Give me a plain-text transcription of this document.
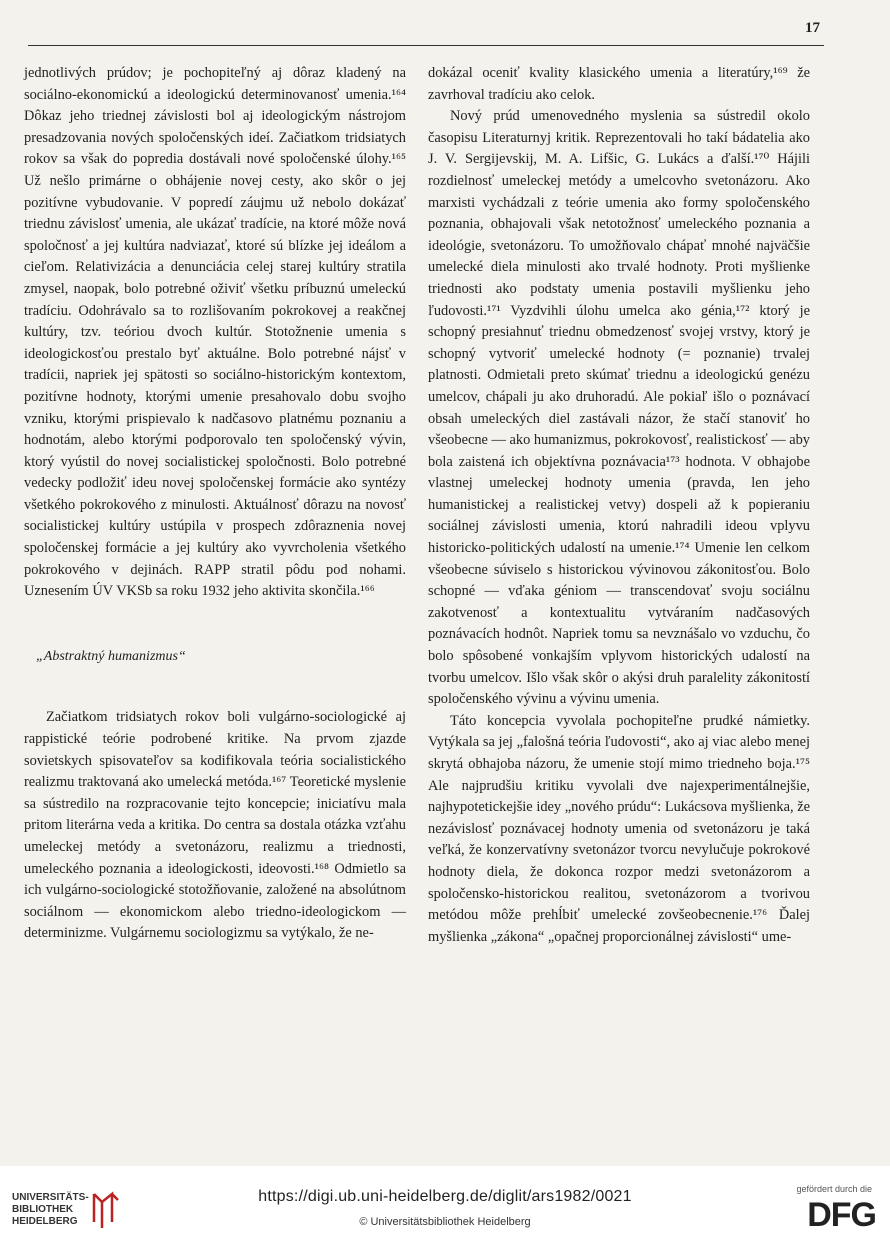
17

jednotlivých prúdov; je pochopiteľný aj dôraz kladený na sociálno-ekonomickú a ideologickú determinovanosť umenia.¹⁶⁴ Dôkaz jeho triednej závislosti bol aj ideologickým nástrojom presadzovania nových spoločenských ideí. Začiatkom tridsiatych rokov sa však do popredia dostávali nové spoločenské úlohy.¹⁶⁵ Už nešlo primárne o obhájenie novej cesty, ako skôr o jej pozitívne vybudovanie. V popredí záujmu už nebolo dokázať triednu závislosť umenia, ale ukázať tradície, na ktoré môže nová spoločnosť a jej kultúra nadviazať, ktoré sú blízke jej ideálom a cieľom. Relativizácia a denunciácia celej starej kultúry stratila zmysel, naopak, bolo potrebné oživiť všetku príbuznú umeleckú tradíciu. Odohrávalo sa to rozlišovaním pokrokovej a reakčnej kultúry, tzv. teóriou dvoch kultúr. Stotožnenie umenia s ideologickosťou prestalo byť aktuálne. Bolo potrebné nájsť v tradícii, napriek jej spätosti so sociálno-historickým kontextom, pozitívne hodnoty, ktorými umenie presahovalo dobu svojho vzniku, ktorými prispievalo k nadčasovo platnému poznaniu a hodnotám, alebo ktorými podporovalo ten spoločenský vývin, ktorý vyústil do novej socialistickej spoločnosti. Bolo potrebné vedecky podložiť ideu novej spoločenskej formácie ako syntézy všetkého pokrokového z minulosti. Aktuálnosť dôrazu na novosť socialistickej kultúry ustúpila v prospech zdôraznenia novej spoločenskej formácie a jej kultúry ako vyvrcholenia všetkého pokrokového v dejinách. RAPP stratil pôdu pod nohami. Uznesením ÚV VKSb sa roku 1932 jeho aktivita skončila.¹⁶⁶

„Abstraktný humanizmus“

Začiatkom tridsiatych rokov boli vulgárno-sociologické aj rappistické teórie podrobené kritike. Na prvom zjazde sovietskych spisovateľov sa kodifikovala teória socialistického realizmu traktovaná ako umelecká metóda.¹⁶⁷ Teoretické myslenie sa sústredilo na rozpracovanie tejto koncepcie; iniciatívu mala pritom literárna veda a kritika. Do centra sa dostala otázka vzťahu umeleckej metódy a svetonázoru, realizmu a triednosti, umeleckého poznania a ideologickosti, ideovosti.¹⁶⁸ Odmietlo sa ich vulgárno-sociologické stotožňovanie, založené na absolútnom sociálnom — ekonomickom alebo triedno-ideologickom — determinizme. Vulgárnemu sociologizmu sa vytýkalo, že ne-

dokázal oceniť kvality klasického umenia a literatúry,¹⁶⁹ že zavrhoval tradíciu ako celok.

Nový prúd umenovedného myslenia sa sústredil okolo časopisu Literaturnyj kritik. Reprezentovali ho takí bádatelia ako J. V. Sergijevskij, M. A. Lifšic, G. Lukács a ďalší.¹⁷⁰ Hájili rozdielnosť umeleckej metódy a umelcovho svetonázoru. Ako marxisti vychádzali z teórie umenia ako formy spoločenského poznania, obhajovali však netotožnosť umeleckého poznania a ideológie, svetonázoru. To umožňovalo chápať mnohé najväčšie umelecké diela minulosti ako trvalé hodnoty. Proti myšlienke triednosti ako podstaty umenia postavili myšlienku jeho ľudovosti.¹⁷¹ Vyzdvihli úlohu umelca ako génia,¹⁷² ktorý je schopný presiahnuť triednu obmedzenosť svojej vrstvy, ktorý je schopný vytvoriť umelecké hodnoty (= poznanie) trvalej platnosti. Odmietali preto skúmať triednu a ideologickú genézu umelcov, chápali ju ako druhoradú. Ale pokiaľ išlo o poznávací obsah umeleckých diel zastávali názor, že stačí stanoviť ho všeobecne — ako humanizmus, pokrokovosť, realistickosť — aby bola zaistená ich objektívna poznávacia¹⁷³ hodnota. V obhajobe vlastnej umeleckej hodnoty umenia (pravda, len jeho humanistickej a realistickej vetvy) dospeli až k popieraniu sociálnej závislosti umenia, ktorú nahradili ideou vplyvu historicko-politických udalostí na umenie.¹⁷⁴ Umenie len celkom všeobecne súviselo s historickou vývinovou zákonitosťou. Bolo schopné — vďaka géniom — transcendovať svoju sociálnu zakotvenosť a kontextualitu vytváraním nadčasových poznávacích hodnôt. Napriek tomu sa nevznášalo vo vzduchu, čo bolo spôsobené vonkajším vplyvom historických udalostí na tvorbu umelcov. Išlo však skôr o akýsi druh paralelity zákonitostí spoločenského vývinu a vývinu umenia.

Táto koncepcia vyvolala pochopiteľne prudké námietky. Vytýkala sa jej „falošná teória ľudovosti“, ako aj viac alebo menej skrytá obhajoba názoru, že umenie stojí mimo triedneho boja.¹⁷⁵ Ale najprudšiu kritiku vyvolali dve najexperimentálnejšie, najhypotetickejšie idey „nového prúdu“: Lukácsova myšlienka, že nezávislosť poznávacej hodnoty umenia od svetonázoru je taká veľká, že konzervatívny svetonázor tvorcu nevylučuje pokrokové hodnoty diela, že dokonca rozpor medzi svetonázorom a spoločensko-historickou realitou, svetonázorom a tvorivou metódou môže prehĺbiť umelecké zovšeobecnenie.¹⁷⁶ Ďalej myšlienka „zákona“ „opačnej proporcionálnej závislosti“ ume-

UNIVERSITÄTS-
BIBLIOTHEK
HEIDELBERG
https://digi.ub.uni-heidelberg.de/diglit/ars1982/0021
© Universitätsbibliothek Heidelberg
gefördert durch die
DFG
